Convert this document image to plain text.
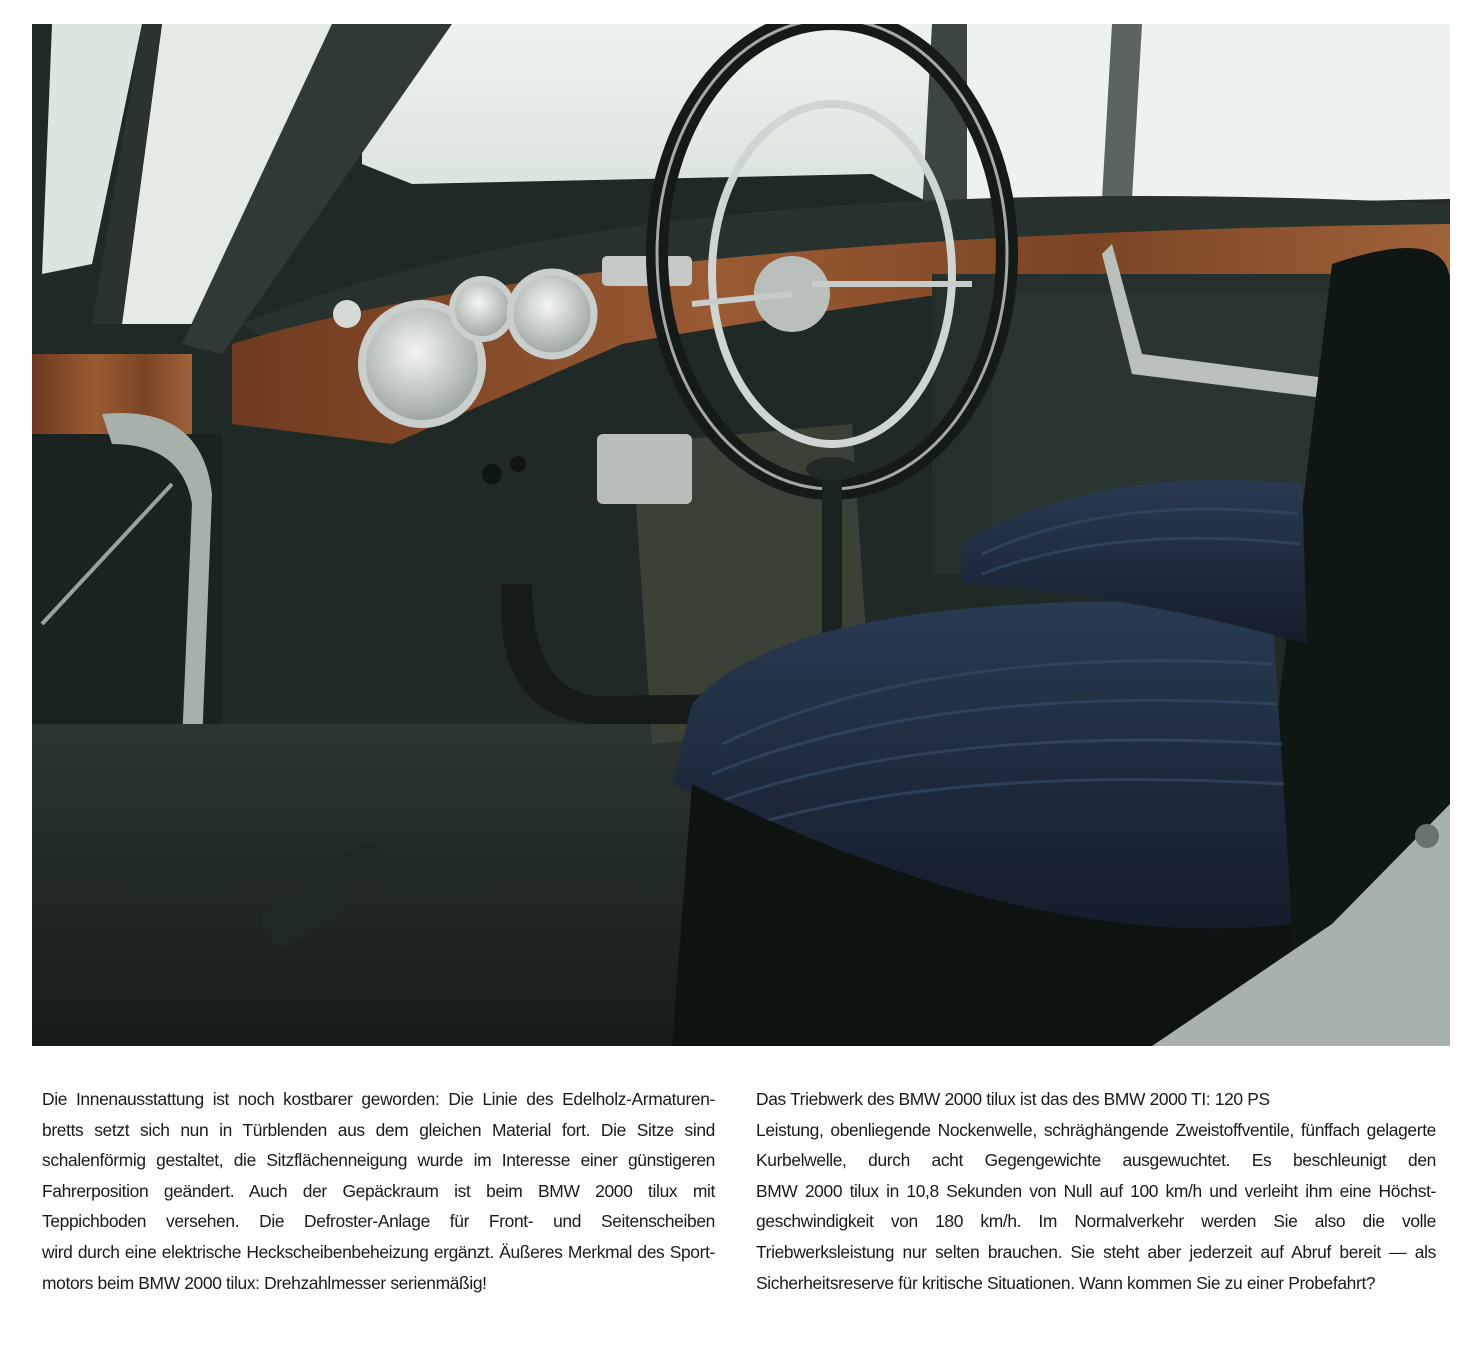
Die Innenausstattung ist noch kostbarer geworden: Die Linie des Edelholz-Armaturen-
bretts setzt sich nun in Türblenden aus dem gleichen Material fort. Die Sitze sind
schalenförmig gestaltet, die Sitzflächenneigung wurde im Interesse einer günstigeren
Fahrerposition geändert. Auch der Gepäckraum ist beim BMW 2000 tilux mit
Teppichboden versehen. Die Defroster-Anlage für Front- und Seitenscheiben
wird durch eine elektrische Heckscheibenbeheizung ergänzt. Äußeres Merkmal des Sport-
motors beim BMW 2000 tilux: Drehzahlmesser serienmäßig!
Das Triebwerk des BMW 2000 tilux ist das des BMW 2000 TI: 120 PS
Leistung, obenliegende Nockenwelle, schräghängende Zweistoffventile, fünffach gelagerte
Kurbelwelle, durch acht Gegengewichte ausgewuchtet. Es beschleunigt den
BMW 2000 tilux in 10,8 Sekunden von Null auf 100 km/h und verleiht ihm eine Höchst-
geschwindigkeit von 180 km/h. Im Normalverkehr werden Sie also die volle
Triebwerksleistung nur selten brauchen. Sie steht aber jederzeit auf Abruf bereit — als
Sicherheitsreserve für kritische Situationen. Wann kommen Sie zu einer Probefahrt?
